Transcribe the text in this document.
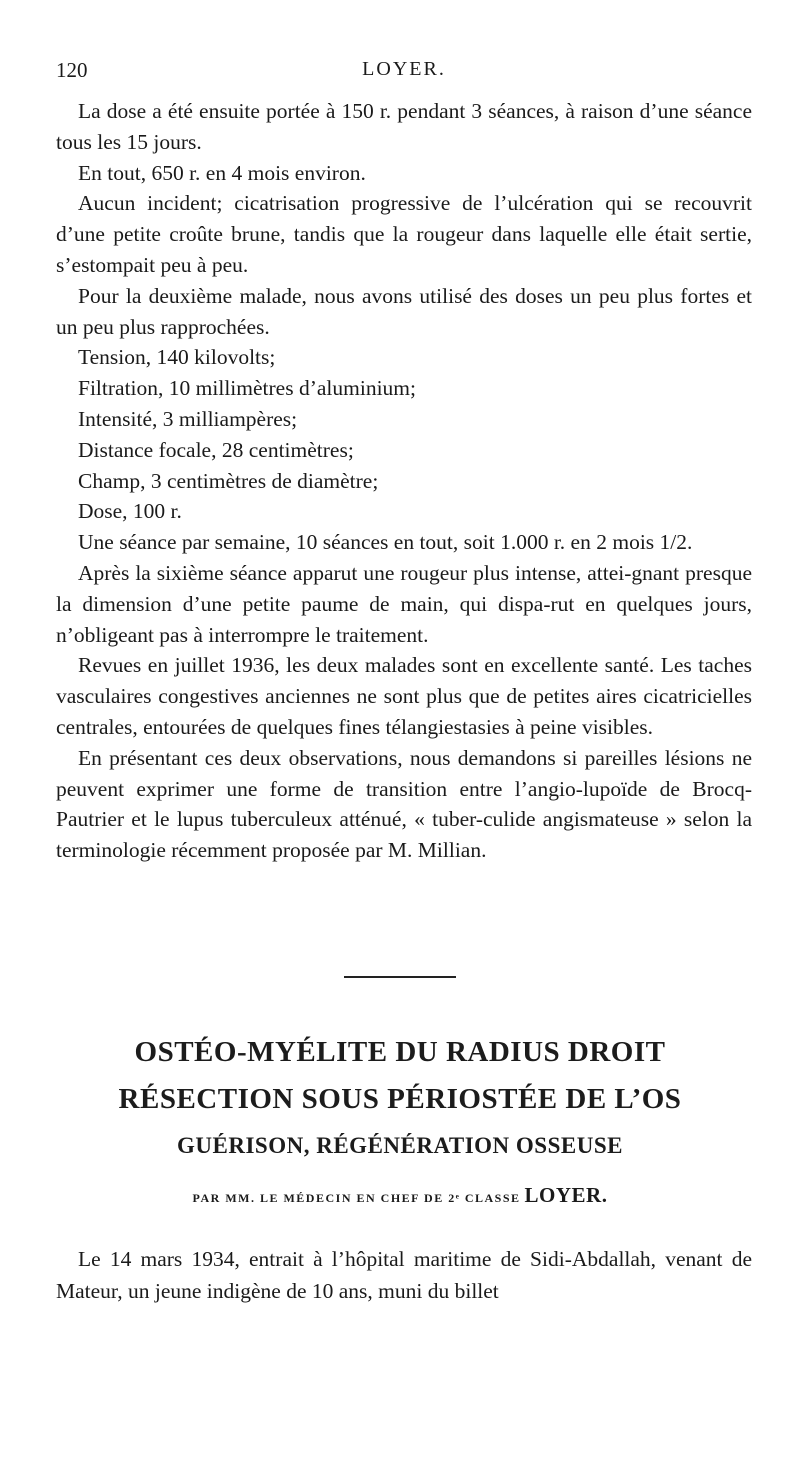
120	LOYER.

La dose a été ensuite portée à 150 r. pendant 3 séances, à raison d’une séance tous les 15 jours.

En tout, 650 r. en 4 mois environ.

Aucun incident; cicatrisation progressive de l’ulcération qui se recouvrit d’une petite croûte brune, tandis que la rougeur dans laquelle elle était sertie, s’estompait peu à peu.

Pour la deuxième malade, nous avons utilisé des doses un peu plus fortes et un peu plus rapprochées.

Tension, 140 kilovolts;

Filtration, 10 millimètres d’aluminium;

Intensité, 3 milliampères;

Distance focale, 28 centimètres;

Champ, 3 centimètres de diamètre;

Dose, 100 r.

Une séance par semaine, 10 séances en tout, soit 1.000 r. en 2 mois 1/2.

Après la sixième séance apparut une rougeur plus intense, attei-gnant presque la dimension d’une petite paume de main, qui dispa-rut en quelques jours, n’obligeant pas à interrompre le traitement.

Revues en juillet 1936, les deux malades sont en excellente santé. Les taches vasculaires congestives anciennes ne sont plus que de petites aires cicatricielles centrales, entourées de quelques fines télangiestasies à peine visibles.

En présentant ces deux observations, nous demandons si pareilles lésions ne peuvent exprimer une forme de transition entre l’angio-lupoïde de Brocq-Pautrier et le lupus tuberculeux atténué, « tuber-culide angismateuse » selon la terminologie récemment proposée par M. Millian.

OSTÉO-MYÉLITE DU RADIUS DROIT
RÉSECTION SOUS PÉRIOSTÉE DE L’OS
GUÉRISON, RÉGÉNÉRATION OSSEUSE
PAR MM. LE MÉDECIN EN CHEF DE 2ᵉ CLASSE LOYER.

Le 14 mars 1934, entrait à l’hôpital maritime de Sidi-Abdallah, venant de Mateur, un jeune indigène de 10 ans, muni du billet
